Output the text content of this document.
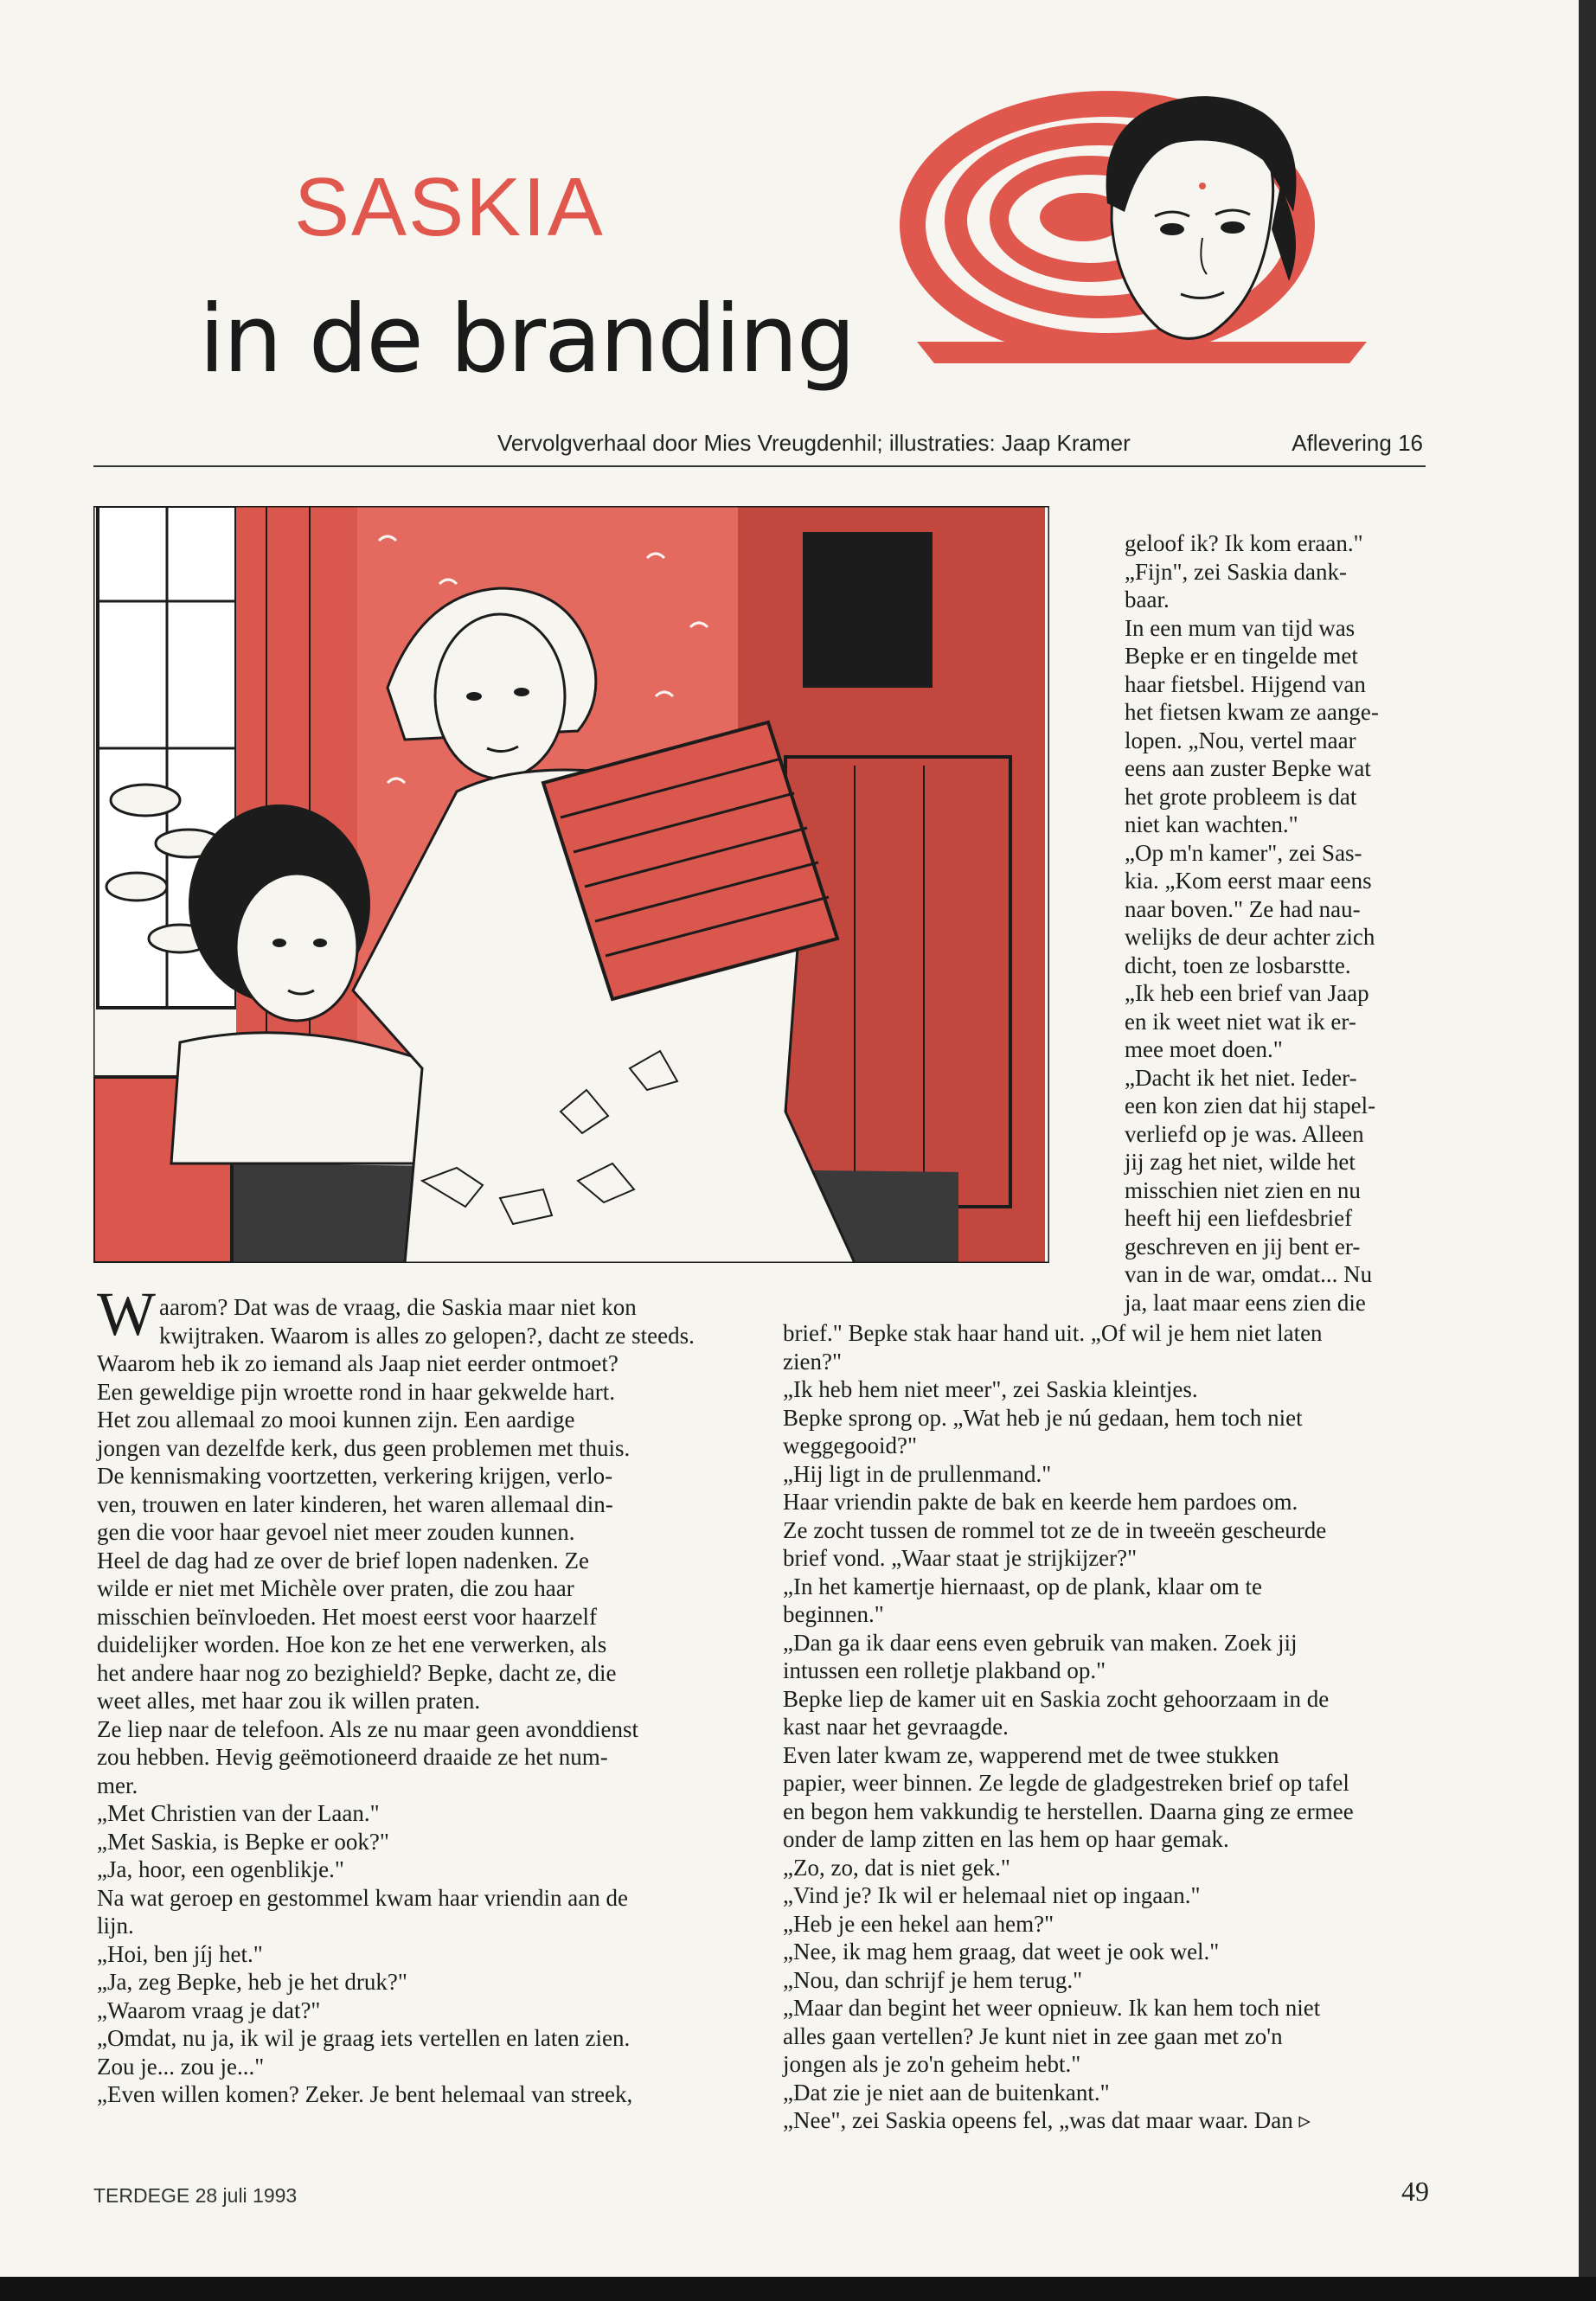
SASKIA
in de branding
Vervolgverhaal door Mies Vreugdenhil; illustraties: Jaap Kramer	Aflevering 16

geloof ik? Ik kom eraan."

„Fijn", zei Saskia dank-

baar.

In een mum van tijd was

Bepke er en tingelde met

haar fietsbel. Hijgend van

het fietsen kwam ze aange-

lopen. „Nou, vertel maar

eens aan zuster Bepke wat

het grote probleem is dat

niet kan wachten."

„Op m'n kamer", zei Sas-

kia. „Kom eerst maar eens

naar boven." Ze had nau-

welijks de deur achter zich

dicht, toen ze losbarstte.

„Ik heb een brief van Jaap

en ik weet niet wat ik er-

mee moet doen."

„Dacht ik het niet. Ieder-

een kon zien dat hij stapel-

verliefd op je was. Alleen

jij zag het niet, wilde het

misschien niet zien en nu

heeft hij een liefdesbrief

geschreven en jij bent er-

van in de war, omdat... Nu

ja, laat maar eens zien die

Waarom? Dat was de vraag, die Saskia maar niet kon

kwijtraken. Waarom is alles zo gelopen?, dacht ze steeds.

Waarom heb ik zo iemand als Jaap niet eerder ontmoet?

Een geweldige pijn wroette rond in haar gekwelde hart.

Het zou allemaal zo mooi kunnen zijn. Een aardige

jongen van dezelfde kerk, dus geen problemen met thuis.

De kennismaking voortzetten, verkering krijgen, verlo-

ven, trouwen en later kinderen, het waren allemaal din-

gen die voor haar gevoel niet meer zouden kunnen.

Heel de dag had ze over de brief lopen nadenken. Ze

wilde er niet met Michèle over praten, die zou haar

misschien beïnvloeden. Het moest eerst voor haarzelf

duidelijker worden. Hoe kon ze het ene verwerken, als

het andere haar nog zo bezighield? Bepke, dacht ze, die

weet alles, met haar zou ik willen praten.

Ze liep naar de telefoon. Als ze nu maar geen avonddienst

zou hebben. Hevig geëmotioneerd draaide ze het num-

mer.

„Met Christien van der Laan."

„Met Saskia, is Bepke er ook?"

„Ja, hoor, een ogenblikje."

Na wat geroep en gestommel kwam haar vriendin aan de

lijn.

„Hoi, ben jíj het."

„Ja, zeg Bepke, heb je het druk?"

„Waarom vraag je dat?"

„Omdat, nu ja, ik wil je graag iets vertellen en laten zien.

Zou je... zou je..."

„Even willen komen? Zeker. Je bent helemaal van streek,

brief." Bepke stak haar hand uit. „Of wil je hem niet laten

zien?"

„Ik heb hem niet meer", zei Saskia kleintjes.

Bepke sprong op. „Wat heb je nú gedaan, hem toch niet

weggegooid?"

„Hij ligt in de prullenmand."

Haar vriendin pakte de bak en keerde hem pardoes om.

Ze zocht tussen de rommel tot ze de in tweeën gescheurde

brief vond. „Waar staat je strijkijzer?"

„In het kamertje hiernaast, op de plank, klaar om te

beginnen."

„Dan ga ik daar eens even gebruik van maken. Zoek jij

intussen een rolletje plakband op."

Bepke liep de kamer uit en Saskia zocht gehoorzaam in de

kast naar het gevraagde.

Even later kwam ze, wapperend met de twee stukken

papier, weer binnen. Ze legde de gladgestreken brief op tafel

en begon hem vakkundig te herstellen. Daarna ging ze ermee

onder de lamp zitten en las hem op haar gemak.

„Zo, zo, dat is niet gek."

„Vind je? Ik wil er helemaal niet op ingaan."

„Heb je een hekel aan hem?"

„Nee, ik mag hem graag, dat weet je ook wel."

„Nou, dan schrijf je hem terug."

„Maar dan begint het weer opnieuw. Ik kan hem toch niet

alles gaan vertellen? Je kunt niet in zee gaan met zo'n

jongen als je zo'n geheim hebt."

„Dat zie je niet aan de buitenkant."

„Nee", zei Saskia opeens fel, „was dat maar waar. Dan ▹

TERDEGE 28 juli 1993	49
